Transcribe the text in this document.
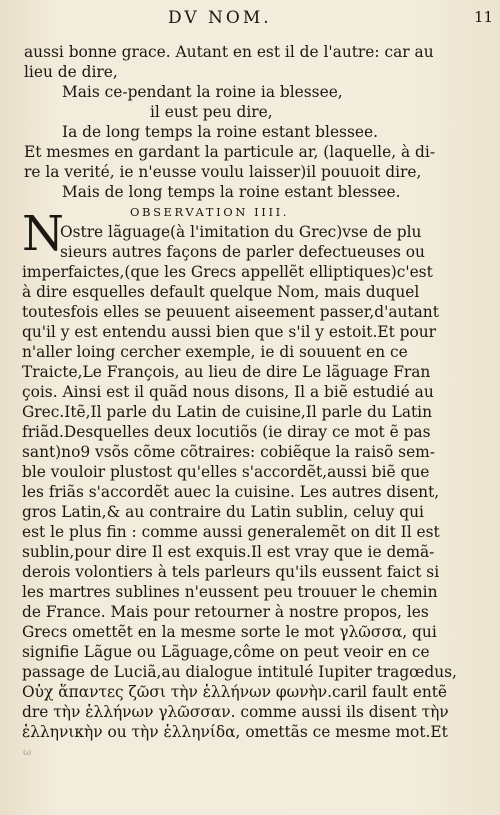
DV NOM.	11
aussi bonne grace. Autant en est il de l'autre: car au
lieu de dire,
Mais ce-pendant la roine ia blessee,
il eust peu dire,
Ia de long temps la roine estant blessee.
Et mesmes en gardant la particule ar, (laquelle, à di-
re la verité, ie n'eusse voulu laisser)il pouuoit dire,
Mais de long temps la roine estant blessee.
OBSERVATION IIII.
N
Ostre lãguage(à l'imitation du Grec)vse de plu
sieurs autres façons de parler defectueuses ou
imperfaictes,(que les Grecs appellẽt elliptiques)c'est
à dire esquelles default quelque Nom, mais duquel
toutesfois elles se peuuent aiseement passer,d'autant
qu'il y est entendu aussi bien que s'il y estoit.Et pour
n'aller loing cercher exemple, ie di souuent en ce
Traicte,Le François, au lieu de dire Le lãguage Fran
çois. Ainsi est il quãd nous disons, Il a biẽ estudié au
Grec.Itẽ,Il parle du Latin de cuisine,Il parle du Latin
friãd.Desquelles deux locutiõs (ie diray ce mot ẽ pas
sant)no9 vsõs cõme cõtraires: cobiẽque la raisõ sem-
ble vouloir plustost qu'elles s'accordẽt,aussi biẽ que
les friãs s'accordẽt auec la cuisine. Les autres disent,
gros Latin,& au contraire du Latin sublin, celuy qui
est le plus fin : comme aussi generalemẽt on dit Il est
sublin,pour dire Il est exquis.Il est vray que ie demã-
derois volontiers à tels parleurs qu'ils eussent faict si
les martres sublines n'eussent peu trouuer le chemin
de France. Mais pour retourner à nostre propos, les
Grecs omettẽt en la mesme sorte le mot γλῶσσα, qui
signifie Lãgue ou Lãguage,côme on peut veoir en ce
passage de Luciã,au dialogue intitulé Iupiter tragœdus,
Οὐχ ἅπαντες ζῶσι τὴν ἑλλήνων φωνὴν.caril fault entẽ
dre τὴν ἑλλήνων γλῶσσαν. comme aussi ils disent τὴν
ἑλληνικὴν ou τὴν ἑλληνίδα, omettãs ce mesme mot.Et
ω
